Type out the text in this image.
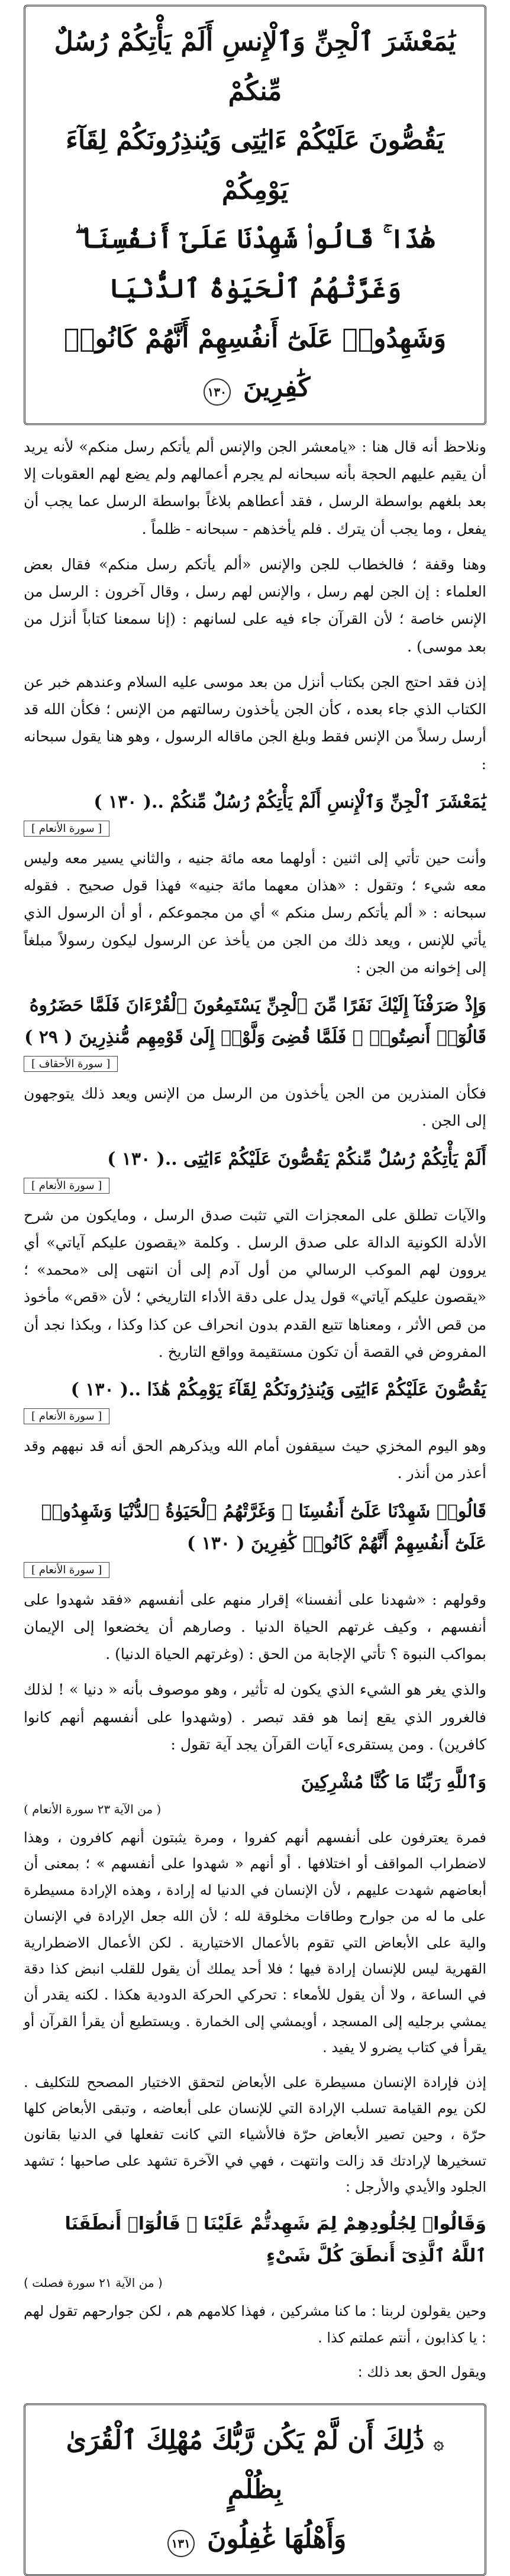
يَٰمَعْشَرَ ٱلْجِنِّ وَٱلْإِنسِ أَلَمْ يَأْتِكُمْ رُسُلٌ مِّنكُمْ
يَقُصُّونَ عَلَيْكُمْ ءَايَٰتِى وَيُنذِرُونَكُمْ لِقَآءَ يَوْمِكُمْ
هَٰذَا ۚ قَالُوا۟ شَهِدْنَا عَلَىٰٓ أَنفُسِنَا ۖ وَغَرَّتْهُمُ ٱلْحَيَوٰةُ ٱلدُّنْيَا
وَشَهِدُوا۟ عَلَىٰٓ أَنفُسِهِمْ أَنَّهُمْ كَانُوا۟ كَٰفِرِينَ ١٣٠

ونلاحظ أنه قال هنا : «يامعشر الجن والإنس ألم يأتكم رسل منكم» لأنه يريد أن يقيم عليهم الحجة بأنه سبحانه لم يجرم أعمالهم ولم يضع لهم العقوبات إلا بعد بلغهم بواسطة الرسل ، فقد أعطاهم بلاغاً بواسطة الرسل عما يجب أن يفعل ، وما يجب أن يترك . فلم يأخذهم - سبحانه - ظلماً .

وهنا وقفة ؛ فالخطاب للجن والإنس «ألم يأتكم رسل منكم» فقال بعض العلماء : إن الجن لهم رسل ، والإنس لهم رسل ، وقال آخرون : الرسل من الإنس خاصة ؛ لأن القرآن جاء فيه على لسانهم : (إنا سمعنا كتاباً أنزل من بعد موسى) .

إذن فقد احتج الجن بكتاب أنزل من بعد موسى عليه السلام وعندهم خبر عن الكتاب الذي جاء بعده ، كأن الجن يأخذون رسالتهم من الإنس ؛ فكأن الله قد أرسل رسلاً من الإنس فقط وبلغ الجن ماقاله الرسول ، وهو هنا يقول سبحانه :

يَٰمَعْشَرَ ٱلْجِنِّ وَٱلْإِنسِ أَلَمْ يَأْتِكُمْ رُسُلٌ مِّنكُمْ ..( ١٣٠ )
[ سورة الأنعام ]

وأنت حين تأتي إلى اثنين : أولهما معه مائة جنيه ، والثاني يسير معه وليس معه شيء ؛ وتقول : «هذان معهما مائة جنيه» فهذا قول صحيح . فقوله سبحانه : « ألم يأتكم رسل منكم » أي من مجموعكم ، أو أن الرسول الذي يأتي للإنس ، ويعد ذلك من الجن من يأخذ عن الرسول ليكون رسولاً مبلغاً إلى إخوانه من الجن :

وَإِذْ صَرَفْنَآ إِلَيْكَ نَفَرًا مِّنَ ٱلْجِنِّ يَسْتَمِعُونَ ٱلْقُرْءَانَ فَلَمَّا حَضَرُوهُ قَالُوٓا۟ أَنصِتُوا۟ ۖ فَلَمَّا قُضِىَ وَلَّوْا۟ إِلَىٰ قَوْمِهِم مُّنذِرِينَ ( ٢٩ )
[ سورة الأحقاف ]

فكأن المنذرين من الجن يأخذون من الرسل من الإنس ويعد ذلك يتوجهون إلى الجن .

أَلَمْ يَأْتِكُمْ رُسُلٌ مِّنكُمْ يَقُصُّونَ عَلَيْكُمْ ءَايَٰتِى ..( ١٣٠ )
[ سورة الأنعام ]

والآيات تطلق على المعجزات التي تثبت صدق الرسل ، ومايكون من شرح الأدلة الكونية الدالة على صدق الرسل . وكلمة «يقصون عليكم آياتي» أي يروون لهم الموكب الرسالي من أول آدم إلى أن انتهى إلى «محمد» ؛ «يقصون عليكم آياتي» قول يدل على دقة الأداء التاريخي ؛ لأن «قص» مأخوذ من قص الأثر ، ومعناها تتبع القدم بدون انحراف عن كذا وكذا ، وبكذا نجد أن المفروض في القصة أن تكون مستقيمة وواقع التاريخ .

يَقُصُّونَ عَلَيْكُمْ ءَايَٰتِى وَيُنذِرُونَكُمْ لِقَآءَ يَوْمِكُمْ هَٰذَا ..( ١٣٠ )
[ سورة الأنعام ]

وهو اليوم المخزي حيث سيقفون أمام الله ويذكرهم الحق أنه قد نبههم وقد أعذر من أنذر .

قَالُوا۟ شَهِدْنَا عَلَىٰٓ أَنفُسِنَا ۖ وَغَرَّتْهُمُ ٱلْحَيَوٰةُ ٱلدُّنْيَا وَشَهِدُوا۟ عَلَىٰٓ أَنفُسِهِمْ أَنَّهُمْ كَانُوا۟ كَٰفِرِينَ ( ١٣٠ )
[ سورة الأنعام ]

وقولهم : «شهدنا على أنفسنا» إقرار منهم على أنفسهم «فقد شهدوا على أنفسهم ، وكيف غرتهم الحياة الدنيا . وصارهم أن يخضعوا إلى الإيمان بمواكب النبوة ؟ تأتي الإجابة من الحق : (وغرتهم الحياة الدنيا) .

والذي يغر هو الشيء الذي يكون له تأثير ، وهو موصوف بأنه « دنيا » ! لذلك فالغرور الذي يقع إنما هو فقد تبصر . (وشهدوا على أنفسهم أنهم كانوا كافرين) . ومن يستقرىء آيات القرآن يجد آية تقول :

وَٱللَّهِ رَبِّنَا مَا كُنَّا مُشْرِكِينَ
( من الآية ٢٣ سورة الأنعام )

فمرة يعترفون على أنفسهم أنهم كفروا ، ومرة يثبتون أنهم كافرون ، وهذا لاضطراب المواقف أو اختلافها . أو أنهم « شهدوا على أنفسهم » ؛ بمعنى أن أبعاضهم شهدت عليهم ، لأن الإنسان في الدنيا له إرادة ، وهذه الإرادة مسيطرة على ما له من جوارح وطاقات مخلوقة لله ؛ لأن الله جعل الإرادة في الإنسان والية على الأبعاض التي تقوم بالأعمال الاختيارية . لكن الأعمال الاضطرارية القهرية ليس للإنسان إرادة فيها ؛ فلا أحد يملك أن يقول للقلب انبض كذا دقة في الساعة ، ولا أن يقول للأمعاء : تحركي الحركة الدودية هكذا . لكنه يقدر أن يمشي برجليه إلى المسجد ، أويمشي إلى الخمارة . ويستطيع أن يقرأ القرآن أو يقرأ في كتاب يضرو لا يفيد .

إذن فإرادة الإنسان مسيطرة على الأبعاض لتحقق الاختيار المصحح للتكليف . لكن يوم القيامة تسلب الإرادة التي للإنسان على أبعاضه ، وتبقى الأبعاض كلها حرّة ، وحين تصير الأبعاض حرّة فالأشياء التي كانت تفعلها في الدنيا بقانون تسخيرها لإرادتك قد زالت وانتهت ، فهي في الآخرة تشهد على صاحبها ؛ تشهد الجلود والأيدي والأرجل :

وَقَالُوا۟ لِجُلُودِهِمْ لِمَ شَهِدتُّمْ عَلَيْنَا ۖ قَالُوٓا۟ أَنطَقَنَا ٱللَّهُ ٱلَّذِىٓ أَنطَقَ كُلَّ شَىْءٍ
( من الآية ٢١ سورة فصلت )

وحين يقولون لربنا : ما كنا مشركين ، فهذا كلامهم هم ، لكن جوارحهم تقول لهم : يا كذابون ، أنتم عملتم كذا .

ويقول الحق بعد ذلك :

۞ ذَٰلِكَ أَن لَّمْ يَكُن رَّبُّكَ مُهْلِكَ ٱلْقُرَىٰ بِظُلْمٍ
وَأَهْلُهَا غَٰفِلُونَ ١٣١
